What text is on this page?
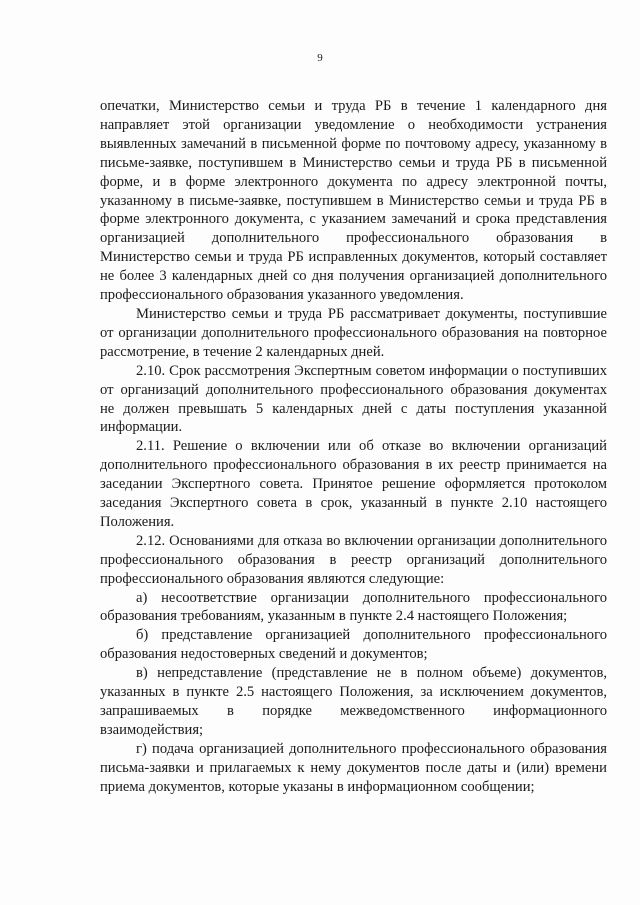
9

опечатки, Министерство семьи и труда РБ в течение 1 календарного дня направляет этой организации уведомление о необходимости устранения выявленных замечаний в письменной форме по почтовому адресу, указанному в письме-заявке, поступившем в Министерство семьи и труда РБ в письменной форме, и в форме электронного документа по адресу электронной почты, указанному в письме-заявке, поступившем в Министерство семьи и труда РБ в форме электронного документа, с указанием замечаний и срока представления организацией дополнительного профессионального образования в Министерство семьи и труда РБ исправленных документов, который составляет не более 3 календарных дней со дня получения организацией дополнительного профессионального образования указанного уведомления.

Министерство семьи и труда РБ рассматривает документы, поступившие от организации дополнительного профессионального образования на повторное рассмотрение, в течение 2 календарных дней.

2.10. Срок рассмотрения Экспертным советом информации о поступивших от организаций дополнительного профессионального образования документах не должен превышать 5 календарных дней с даты поступления указанной информации.

2.11. Решение о включении или об отказе во включении организаций дополнительного профессионального образования в их реестр принимается на заседании Экспертного совета. Принятое решение оформляется протоколом заседания Экспертного совета в срок, указанный в пункте 2.10 настоящего Положения.

2.12. Основаниями для отказа во включении организации дополнительного профессионального образования в реестр организаций дополнительного профессионального образования являются следующие:

а) несоответствие организации дополнительного профессионального образования требованиям, указанным в пункте 2.4 настоящего Положения;

б) представление организацией дополнительного профессионального образования недостоверных сведений и документов;

в) непредставление (представление не в полном объеме) документов, указанных в пункте 2.5 настоящего Положения, за исключением документов, запрашиваемых в порядке межведомственного информационного взаимодействия;

г) подача организацией дополнительного профессионального образования письма-заявки и прилагаемых к нему документов после даты и (или) времени приема документов, которые указаны в информационном сообщении;
